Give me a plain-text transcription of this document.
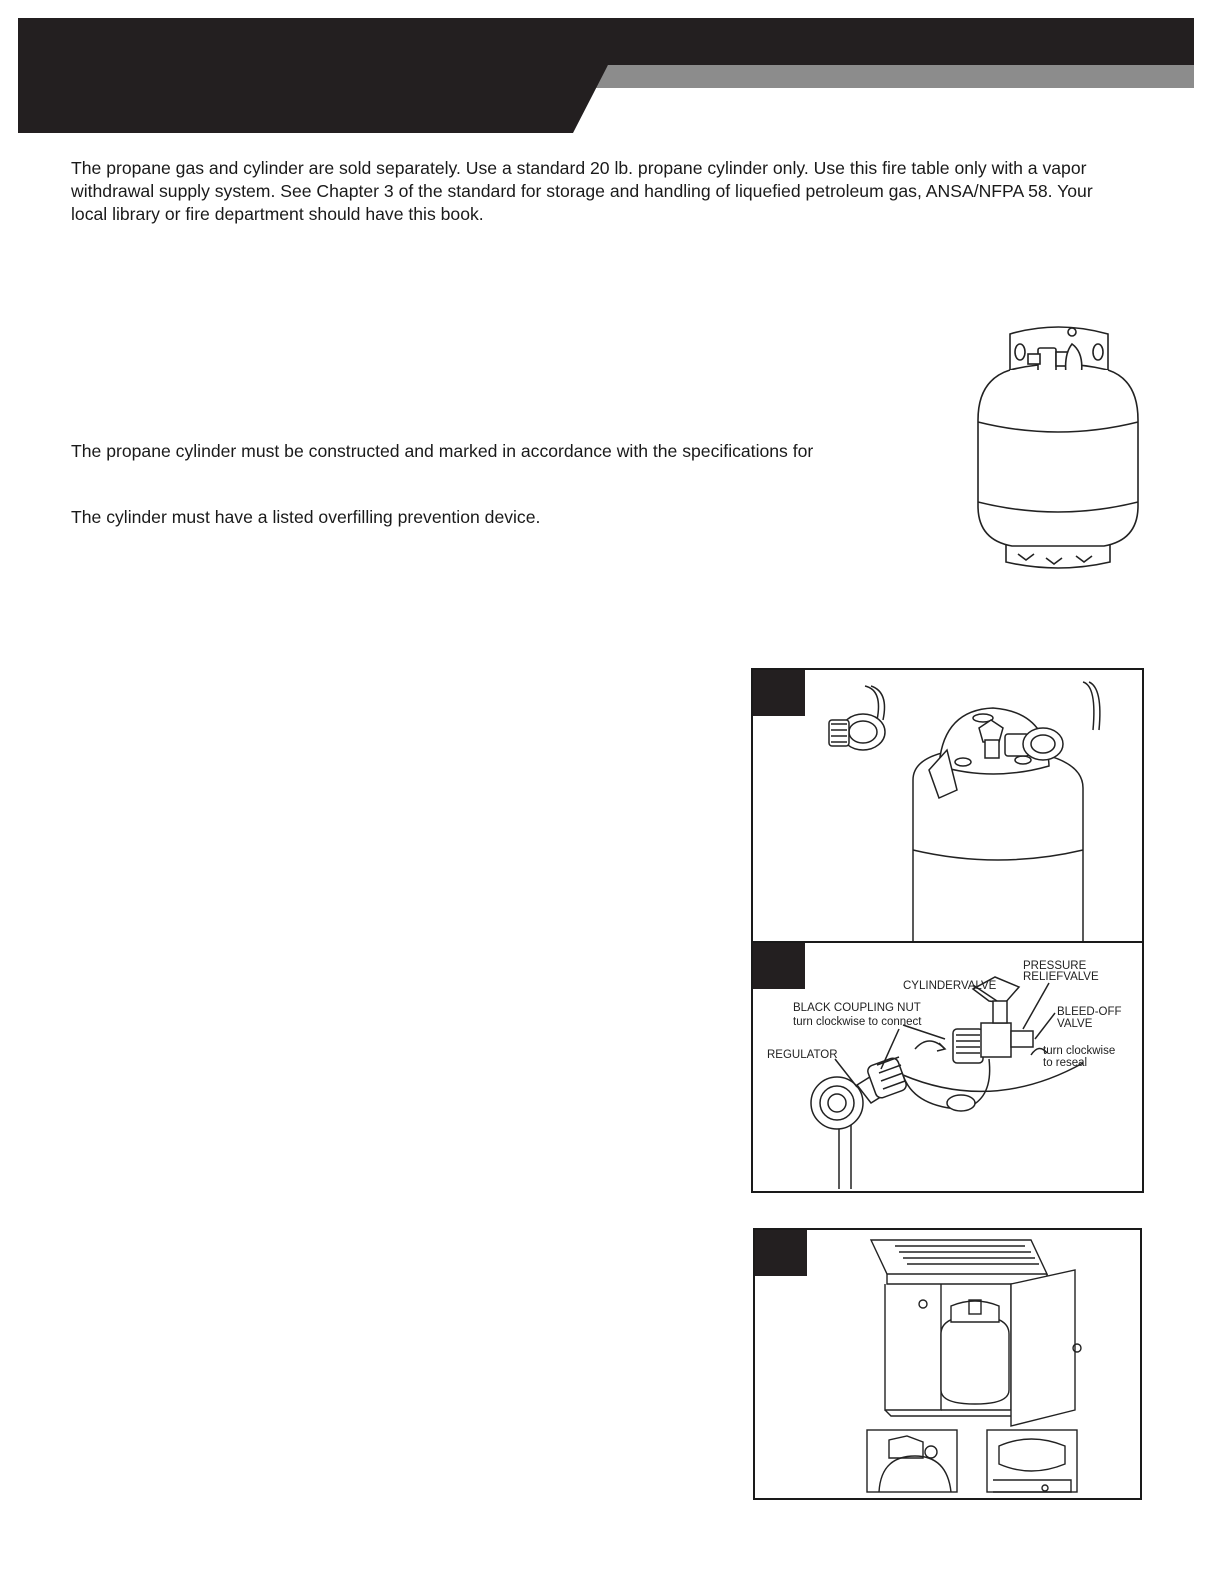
The propane gas and cylinder are sold separately. Use a standard 20 lb. propane cylinder only. Use this fire table only with a vapor withdrawal supply system. See Chapter 3 of the standard for storage and handling of liquefied petroleum gas, ANSA/NFPA 58. Your local library or fire department should have this book.

The propane cylinder must be constructed and marked in accordance with the specifications for

The cylinder must have a listed overfilling prevention device.

PRESSURE
RELIEFVALVE
CYLINDERVALVE
BLACK COUPLING NUT
turn clockwise to connect
BLEED-OFF
VALVE
REGULATOR	turn clockwise
to reseal
